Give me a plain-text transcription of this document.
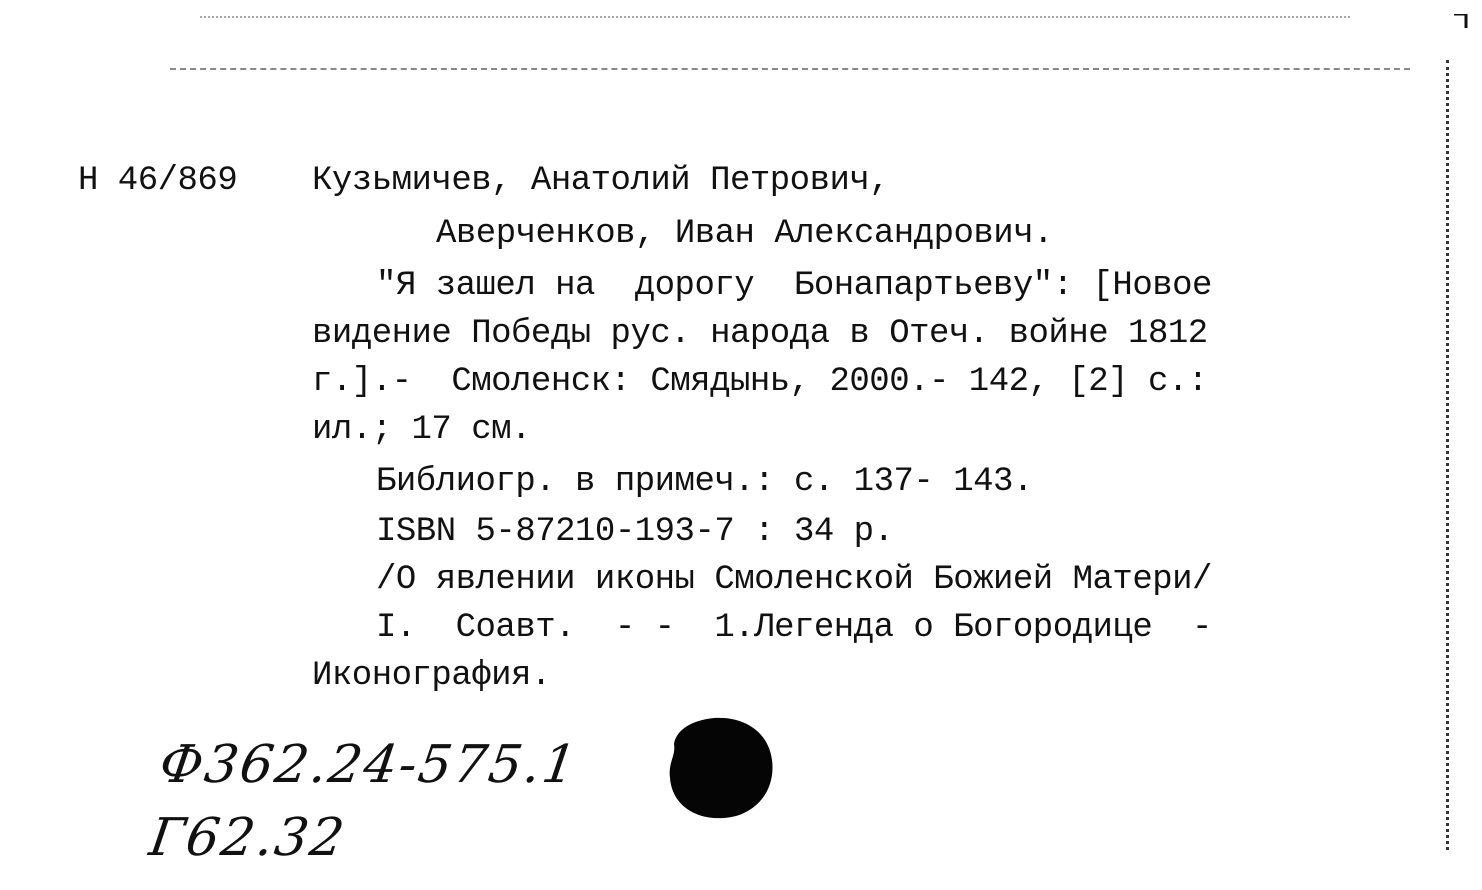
Н 46/869 Кузьмичев, Анатолий Петрович,
Аверченков, Иван Александрович.
"Я зашел на  дорогу  Бонапартьеву": [Новое
видение Победы рус. народа в Отеч. войне 1812
г.].-  Смоленск: Смядынь, 2000.- 142, [2] с.:
ил.; 17 см.
Библиогр. в примеч.: с. 137- 143.
ISBN 5-87210-193-7 : 34 р.
/О явлении иконы Смоленской Божией Матери/
I.  Соавт.  - -  1.Легенда о Богородице  -
Иконография.
Ф362.24-575.1
Г62.32
